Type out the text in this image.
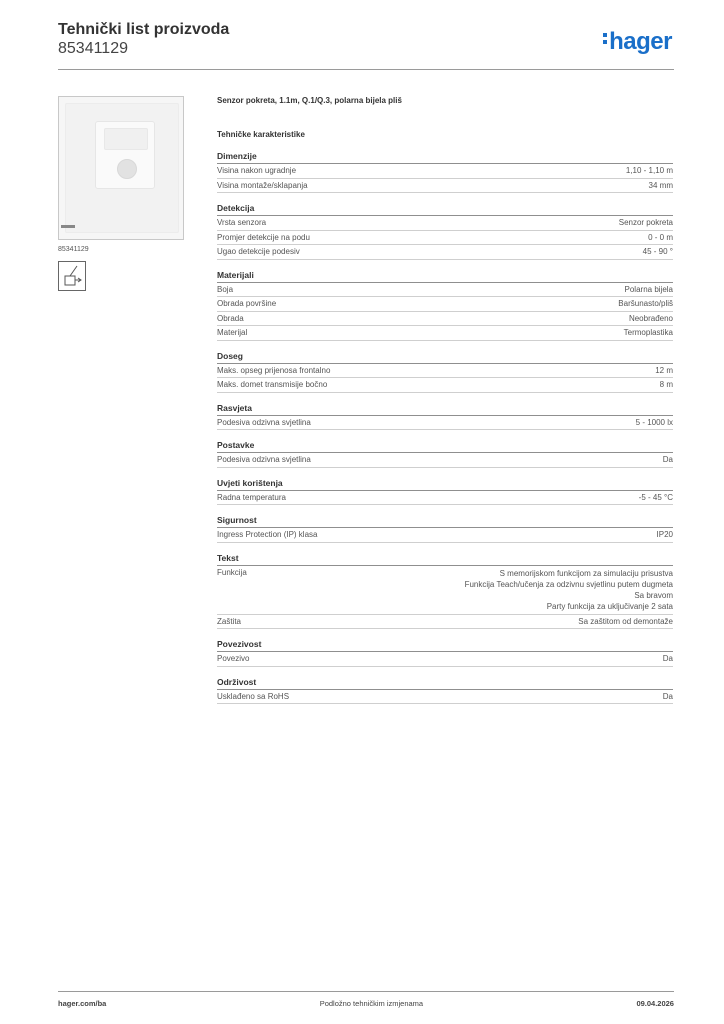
Tehnički list proizvoda
85341129	hager
85341129
Senzor pokreta, 1.1m, Q.1/Q.3, polarna bijela pliš
Tehničke karakteristike
Dimenzije
Visina nakon ugradnje	1,10 - 1,10 m
Visina montaže/sklapanja	34 mm
Detekcija
Vrsta senzora	Senzor pokreta
Promjer detekcije na podu	0 - 0 m
Ugao detekcije podesiv	45 - 90 °
Materijali
Boja	Polarna bijela
Obrada površine	Baršunasto/pliš
Obrada	Neobrađeno
Materijal	Termoplastika
Doseg
Maks. opseg prijenosa frontalno	12 m
Maks. domet transmisije bočno	8 m
Rasvjeta
Podesiva odzivna svjetlina	5 - 1000 lx
Postavke
Podesiva odzivna svjetlina	Da
Uvjeti korištenja
Radna temperatura	-5 - 45 °C
Sigurnost
Ingress Protection (IP) klasa	IP20
Tekst
Funkcija	S memorijskom funkcijom za simulaciju prisustva
Funkcija Teach/učenja za odzivnu svjetlinu putem dugmeta
Sa bravom
Party funkcija za uključivanje 2 sata
Zaštita	Sa zaštitom od demontaže
Povezivost
Povezivo	Da
Održivost
Usklađeno sa RoHS	Da
hager.com/ba	Podložno tehničkim izmjenama	09.04.2026
